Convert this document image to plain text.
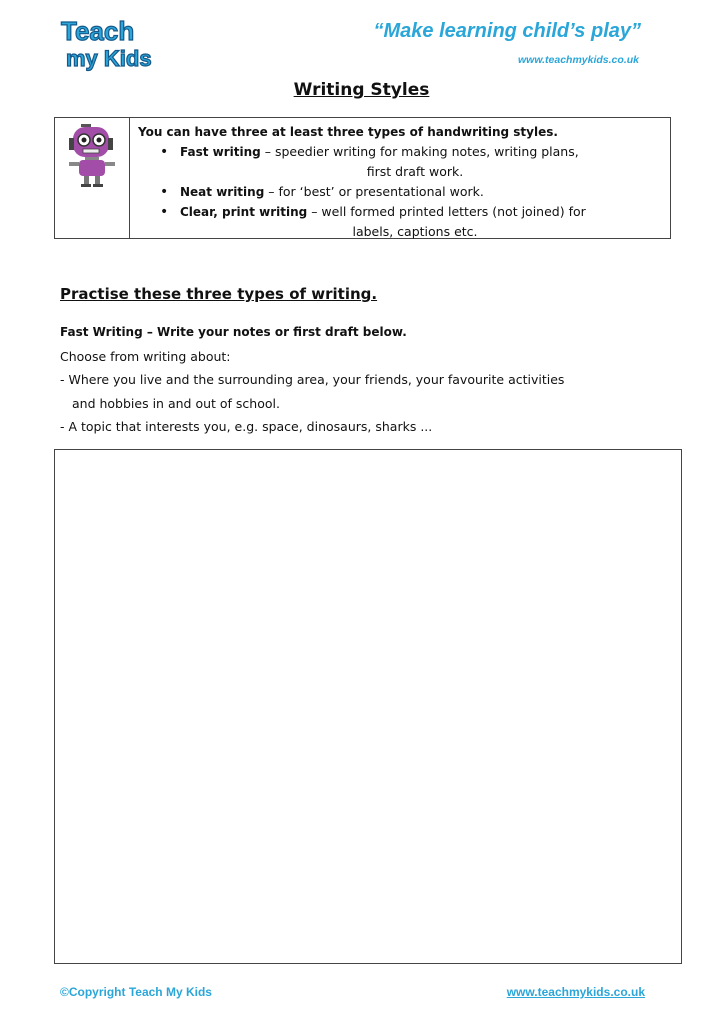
Teach
my Kids
“Make learning child’s play”
www.teachmykids.co.uk
Writing Styles
You can have three at least three types of handwriting styles.
• Fast writing – speedier writing for making notes, writing plans,
first draft work.
• Neat writing – for ‘best’ or presentational work.
• Clear, print writing – well formed printed letters (not joined) for
labels, captions etc.
Practise these three types of writing.
Fast Writing – Write your notes or first draft below.
Choose from writing about:
- Where you live and the surrounding area, your friends, your favourite activities
and hobbies in and out of school.
- A topic that interests you, e.g. space, dinosaurs, sharks ...
©Copyright Teach My Kids	www.teachmykids.co.uk
